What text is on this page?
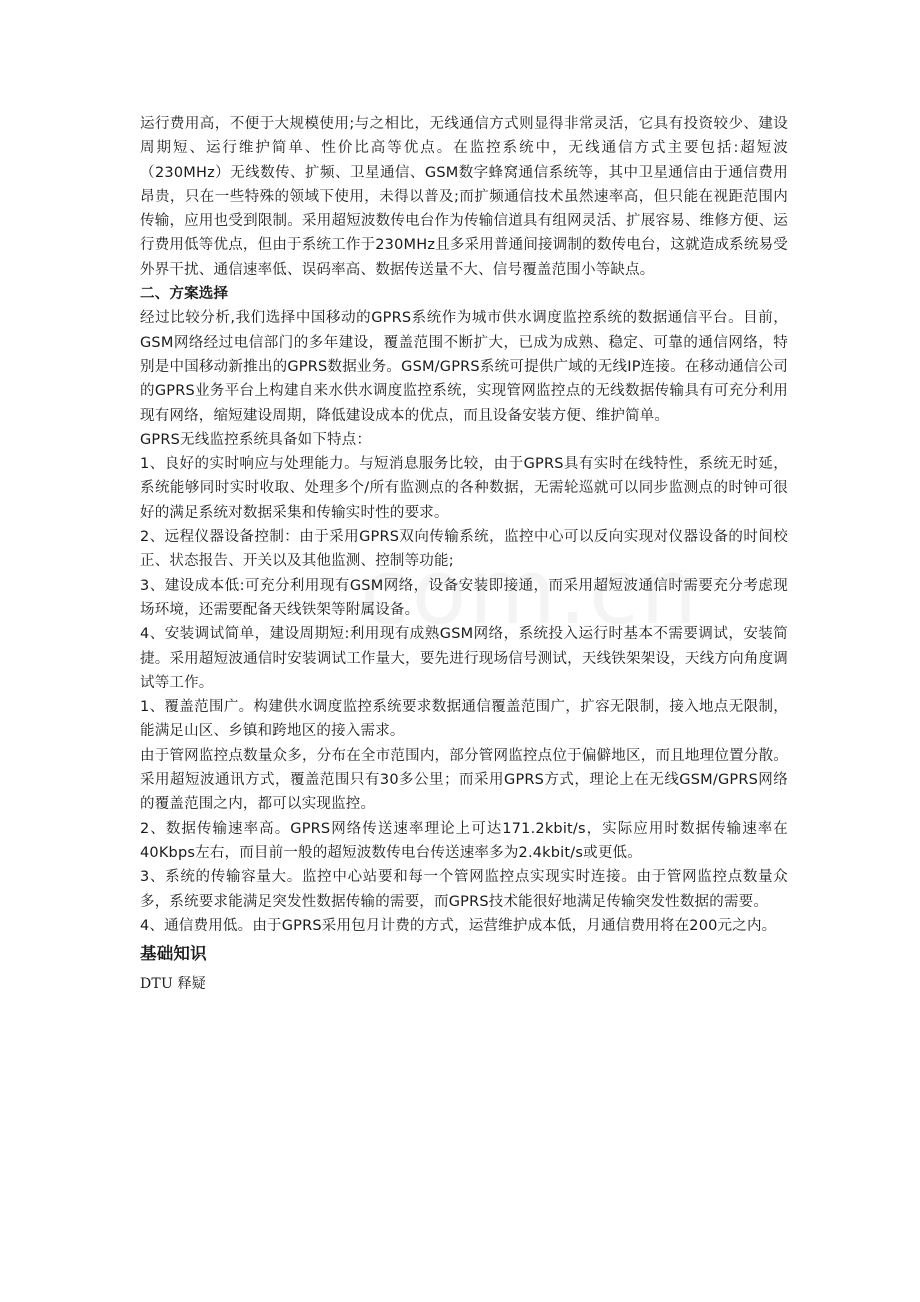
运行费用高，不便于大规模使用;与之相比，无线通信方式则显得非常灵活，它具有投资较少、建设周期短、运行维护简单、性价比高等优点。在监控系统中，无线通信方式主要包括:超短波（230MHz）无线数传、扩频、卫星通信、GSM数字蜂窝通信系统等，其中卫星通信由于通信费用昂贵，只在一些特殊的领域下使用，未得以普及;而扩频通信技术虽然速率高，但只能在视距范围内传输，应用也受到限制。采用超短波数传电台作为传输信道具有组网灵活、扩展容易、维修方便、运行费用低等优点，但由于系统工作于230MHz且多采用普通间接调制的数传电台，这就造成系统易受外界干扰、通信速率低、误码率高、数据传送量不大、信号覆盖范围小等缺点。

二、方案选择

经过比较分析,我们选择中国移动的GPRS系统作为城市供水调度监控系统的数据通信平台。目前，GSM网络经过电信部门的多年建设，覆盖范围不断扩大，已成为成熟、稳定、可靠的通信网络，特别是中国移动新推出的GPRS数据业务。GSM/GPRS系统可提供广域的无线IP连接。在移动通信公司的GPRS业务平台上构建自来水供水调度监控系统，实现管网监控点的无线数据传输具有可充分利用现有网络，缩短建设周期，降低建设成本的优点，而且设备安装方便、维护简单。

GPRS无线监控系统具备如下特点：

1、良好的实时响应与处理能力。与短消息服务比较，由于GPRS具有实时在线特性，系统无时延，系统能够同时实时收取、处理多个/所有监测点的各种数据，无需轮巡就可以同步监测点的时钟可很好的满足系统对数据采集和传输实时性的要求。

2、远程仪器设备控制：由于采用GPRS双向传输系统，监控中心可以反向实现对仪器设备的时间校正、状态报告、开关以及其他监测、控制等功能;

3、建设成本低:可充分利用现有GSM网络，设备安装即接通，而采用超短波通信时需要充分考虑现场环境，还需要配备天线铁架等附属设备。

4、安装调试简单，建设周期短:利用现有成熟GSM网络，系统投入运行时基本不需要调试，安装简捷。采用超短波通信时安装调试工作量大，要先进行现场信号测试，天线铁架架设，天线方向角度调试等工作。

1、覆盖范围广。构建供水调度监控系统要求数据通信覆盖范围广，扩容无限制，接入地点无限制，能满足山区、乡镇和跨地区的接入需求。

由于管网监控点数量众多，分布在全市范围内，部分管网监控点位于偏僻地区，而且地理位置分散。采用超短波通讯方式，覆盖范围只有30多公里；而采用GPRS方式，理论上在无线GSM/GPRS网络的覆盖范围之内，都可以实现监控。

2、数据传输速率高。GPRS网络传送速率理论上可达171.2kbit/s，实际应用时数据传输速率在40Kbps左右，而目前一般的超短波数传电台传送速率多为2.4kbit/s或更低。

3、系统的传输容量大。监控中心站要和每一个管网监控点实现实时连接。由于管网监控点数量众多，系统要求能满足突发性数据传输的需要，而GPRS技术能很好地满足传输突发性数据的需要。

4、通信费用低。由于GPRS采用包月计费的方式，运营维护成本低，月通信费用将在200元之内。

基础知识

DTU 释疑
